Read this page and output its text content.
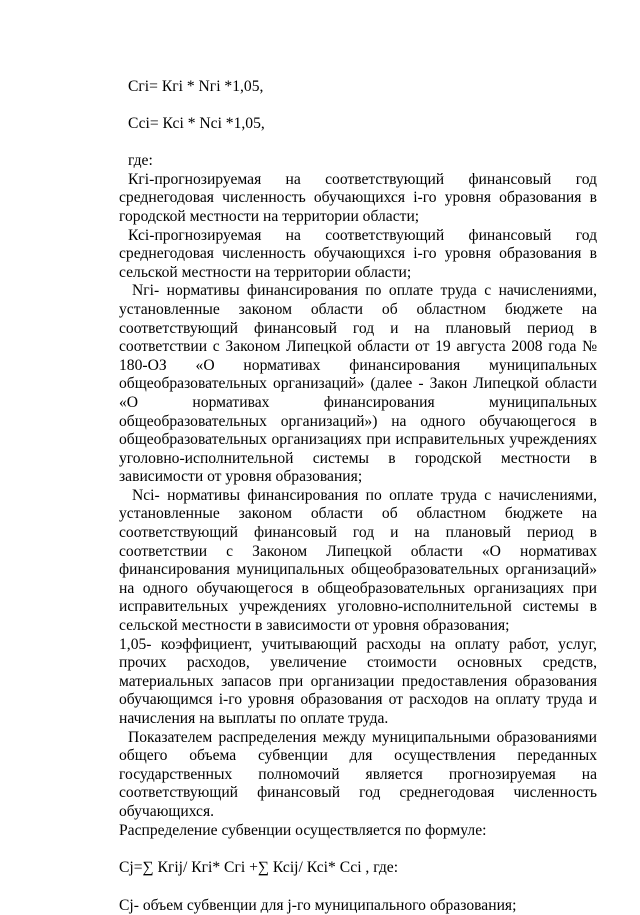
Сгi= Кгi * Nгi *1,05,

Ссi= Ксi * Nсi *1,05,

где:

Кгi-прогнозируемая на соответствующий финансовый год среднегодовая численность обучающихся i-го уровня образования в городской местности на территории области;

Ксi-прогнозируемая на соответствующий финансовый год среднегодовая численность обучающихся i-го уровня образования в сельской местности на территории области;

Nгi- нормативы финансирования по оплате труда с начислениями, установленные законом области об областном бюджете на соответствующий финансовый год и на плановый период в соответствии с Законом Липецкой области от 19 августа 2008 года № 180-ОЗ «О нормативах финансирования муниципальных общеобразовательных организаций» (далее - Закон Липецкой области «О нормативах финансирования муниципальных общеобразовательных организаций») на одного обучающегося в общеобразовательных организациях при исправительных учреждениях уголовно-исполнительной системы в городской местности в зависимости от уровня образования;

Nсi- нормативы финансирования по оплате труда с начислениями, установленные законом области об областном бюджете на соответствующий финансовый год и на плановый период в соответствии с Законом Липецкой области «О нормативах финансирования муниципальных общеобразовательных организаций» на одного обучающегося в общеобразовательных организациях при исправительных учреждениях уголовно-исполнительной системы в сельской местности в зависимости от уровня образования;

1,05- коэффициент, учитывающий расходы на оплату работ, услуг, прочих расходов, увеличение стоимости основных средств, материальных запасов при организации предоставления образования обучающимся i-го уровня образования от расходов на оплату труда и начисления на выплаты по оплате труда.

Показателем распределения между муниципальными образованиями общего объема субвенции для осуществления переданных государственных полномочий является прогнозируемая на соответствующий финансовый год среднегодовая численность обучающихся.

Распределение субвенции осуществляется по формуле:

Сj=∑ Кгij/ Кгi* Сгi +∑ Ксij/ Ксi* Ссi , где:

Сj- объем субвенции для j-го муниципального образования;
